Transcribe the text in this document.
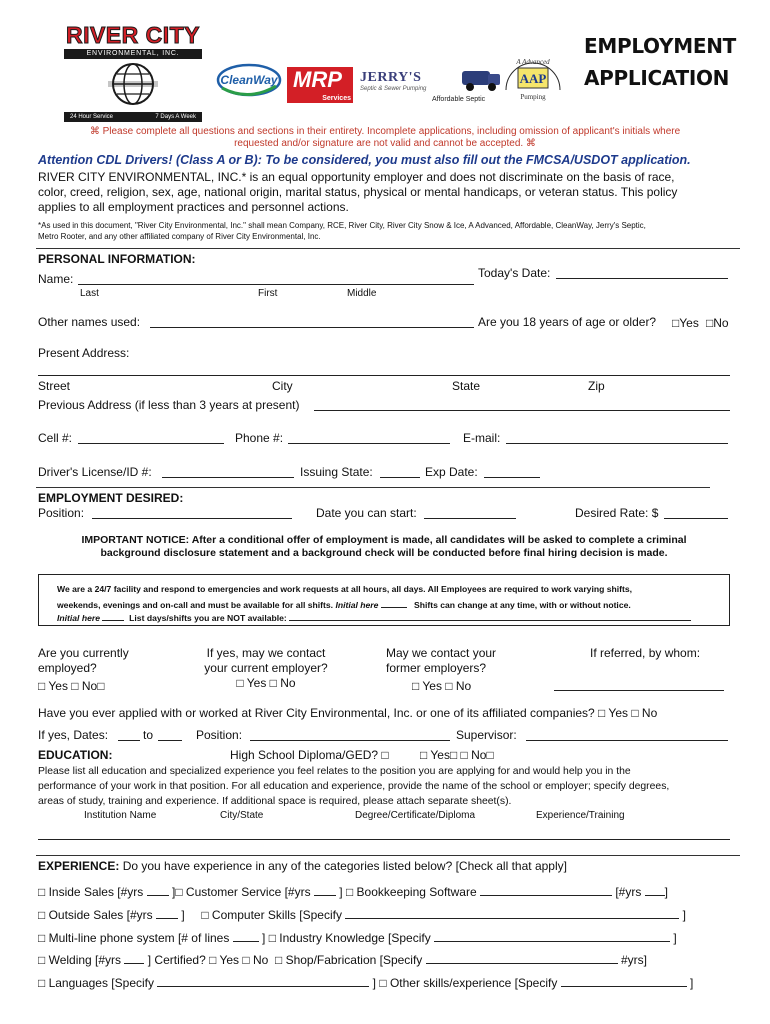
RIVER CITY
ENVIRONMENTAL, INC.
24 Hour Service	7 Days A Week
CleanWay MRP
Services
JERRY'S
Septic & Sewer Pumping
Affordable Septic
A Advanced
AAP
Pumping
EMPLOYMENT
APPLICATION
⌘ Please complete all questions and sections in their entirety. Incomplete applications, including omission of applicant's initials where
requested and/or signature are not valid and cannot be accepted. ⌘
Attention CDL Drivers! (Class A or B): To be considered, you must also fill out the FMCSA/USDOT application.
RIVER CITY ENVIRONMENTAL, INC.* is an equal opportunity employer and does not discriminate on the basis of race,
color, creed, religion, sex, age, national origin, marital status, physical or mental handicaps, or veteran status. This policy
applies to all employment practices and personnel actions.
*As used in this document, "River City Environmental, Inc." shall mean Company, RCE, River City, River City Snow & Ice, A Advanced, Affordable, CleanWay, Jerry's Septic,
Metro Rooter, and any other affiliated company of River City Environmental, Inc.
PERSONAL INFORMATION:
Name:	Today's Date:
Last	First	Middle
Other names used:	Are you 18 years of age or older? □Yes □No
Present Address:
Street	City	State	Zip
Previous Address (if less than 3 years at present)
Cell #:	Phone #:	E-mail:
Driver's License/ID #:	Issuing State:	Exp Date:
EMPLOYMENT DESIRED:
Position:	Date you can start:	Desired Rate: $
IMPORTANT NOTICE: After a conditional offer of employment is made, all candidates will be asked to complete a criminal
background disclosure statement and a background check will be conducted before final hiring decision is made.
We are a 24/7 facility and respond to emergencies and work requests at all hours, all days. All Employees are required to work varying shifts,
weekends, evenings and on-call and must be available for all shifts. Initial here	Shifts can change at any time, with or without notice.
Initial here	List days/shifts you are NOT available:
Are you currently
employed?
□ Yes □ No□
If yes, may we contact
your current employer?
□ Yes □ No
May we contact your
former employers?
□ Yes □ No
If referred, by whom:
Have you ever applied with or worked at River City Environmental, Inc. or one of its affiliated companies? □ Yes □ No
If yes, Dates:	to	Position:	Supervisor:
EDUCATION:	High School Diploma/GED? □	□ Yes□ □ No□
Please list all education and specialized experience you feel relates to the position you are applying for and would help you in the
performance of your work in that position. For all education and experience, provide the name of the school or employer; specify degrees,
areas of study, training and experience. If additional space is required, please attach separate sheet(s).
Institution Name	City/State	Degree/Certificate/Diploma	Experience/Training
EXPERIENCE: Do you have experience in any of the categories listed below? [Check all that apply]
□ Inside Sales [#yrs ]□ Customer Service [#yrs ] □ Bookkeeping Software	[#yrs ]
□ Outside Sales [#yrs  ]     □ Computer Skills [Specify	]
□ Multi-line phone system [# of lines  ] □ Industry Knowledge [Specify	]
□ Welding [#yrs ] Certified? □ Yes □ No □ Shop/Fabrication [Specify	#yrs]
□ Languages [Specify	] □ Other skills/experience [Specify	]
